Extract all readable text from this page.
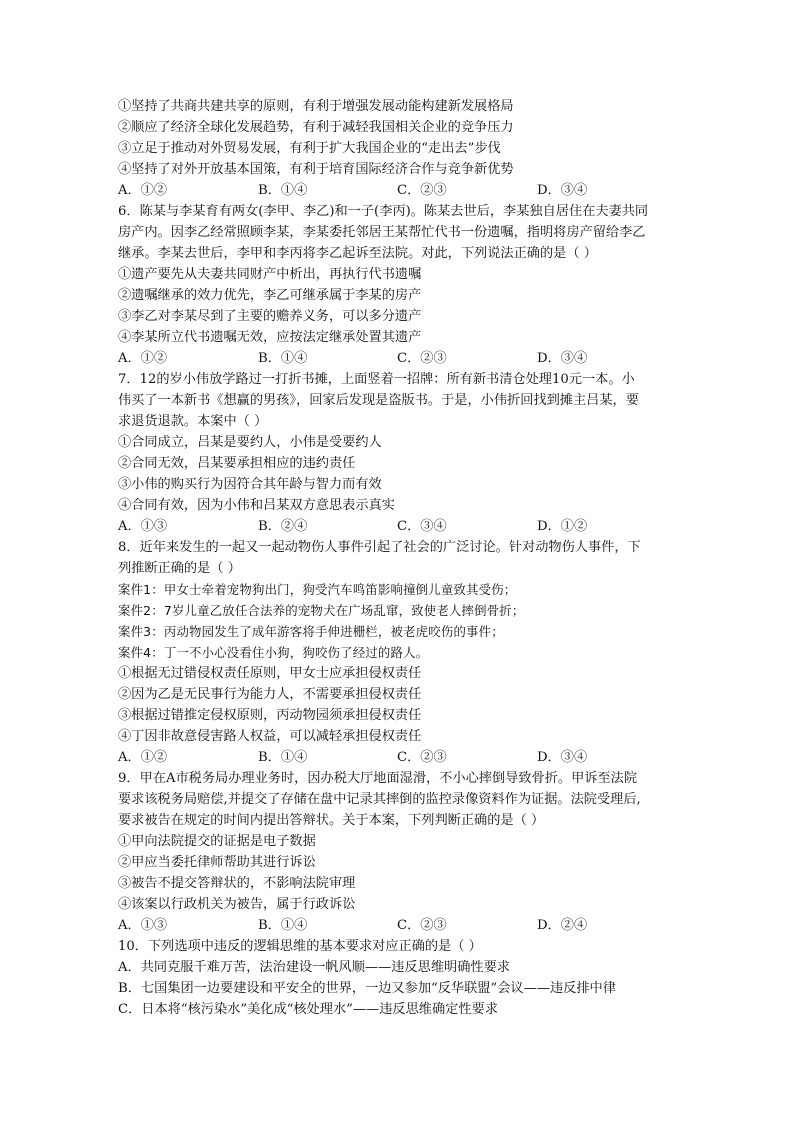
①坚持了共商共建共享的原则，有利于增强发展动能构建新发展格局
②顺应了经济全球化发展趋势，有利于减轻我国相关企业的竞争压力
③立足于推动对外贸易发展，有利于扩大我国企业的“走出去”步伐
④坚持了对外开放基本国策，有利于培育国际经济合作与竞争新优势
A．①②	B．①④	C．②③	D．③④
6．陈某与李某育有两女(李甲、李乙)和一子(李丙)。陈某去世后，李某独自居住在夫妻共同
房产内。因李乙经常照顾李某，李某委托邻居王某帮忙代书一份遗嘱，指明将房产留给李乙
继承。李某去世后，李甲和李丙将李乙起诉至法院。对此，下列说法正确的是（ ）
①遗产要先从夫妻共同财产中析出，再执行代书遗嘱
②遗嘱继承的效力优先，李乙可继承属于李某的房产
③李乙对李某尽到了主要的赡养义务，可以多分遗产
④李某所立代书遗嘱无效，应按法定继承处置其遗产
A．①②	B．①④	C．②③	D．③④
7．12的岁小伟放学路过一打折书摊，上面竖着一招牌：所有新书清仓处理10元一本。小
伟买了一本新书《想赢的男孩》，回家后发现是盗版书。于是，小伟折回找到摊主吕某，要
求退货退款。本案中（ ）
①合同成立，吕某是要约人，小伟是受要约人
②合同无效，吕某要承担相应的违约责任
③小伟的购买行为因符合其年龄与智力而有效
④合同有效，因为小伟和吕某双方意思表示真实
A．①③	B．②④	C．③④	D．①②
8．近年来发生的一起又一起动物伤人事件引起了社会的广泛讨论。针对动物伤人事件，下
列推断正确的是（ ）
案件1：甲女士牵着宠物狗出门，狗受汽车鸣笛影响撞倒儿童致其受伤；
案件2：7岁儿童乙放任合法养的宠物犬在广场乱窜，致使老人摔倒骨折；
案件3：丙动物园发生了成年游客将手伸进栅栏，被老虎咬伤的事件；
案件4：丁一不小心没看住小狗，狗咬伤了经过的路人。
①根据无过错侵权责任原则，甲女士应承担侵权责任
②因为乙是无民事行为能力人，不需要承担侵权责任
③根据过错推定侵权原则，丙动物园须承担侵权责任
④丁因非故意侵害路人权益，可以减轻承担侵权责任
A．①②	B．①④	C．②③	D．③④
9．甲在A市税务局办理业务时，因办税大厅地面湿滑，不小心摔倒导致骨折。甲诉至法院
要求该税务局赔偿,并提交了存储在盘中记录其摔倒的监控录像资料作为证据。法院受理后,
要求被告在规定的时间内提出答辩状。关于本案，下列判断正确的是（ ）
①甲向法院提交的证据是电子数据
②甲应当委托律师帮助其进行诉讼
③被告不提交答辩状的，不影响法院审理
④该案以行政机关为被告，属于行政诉讼
A．①③	B．①④	C．②③	D．②④
10．下列选项中违反的逻辑思维的基本要求对应正确的是（ ）
A．共同克服千难万苦，法治建设一帆风顺——违反思维明确性要求
B．七国集团一边要建设和平安全的世界，一边又参加“反华联盟”会议——违反排中律
C．日本将“核污染水”美化成“核处理水”——违反思维确定性要求
